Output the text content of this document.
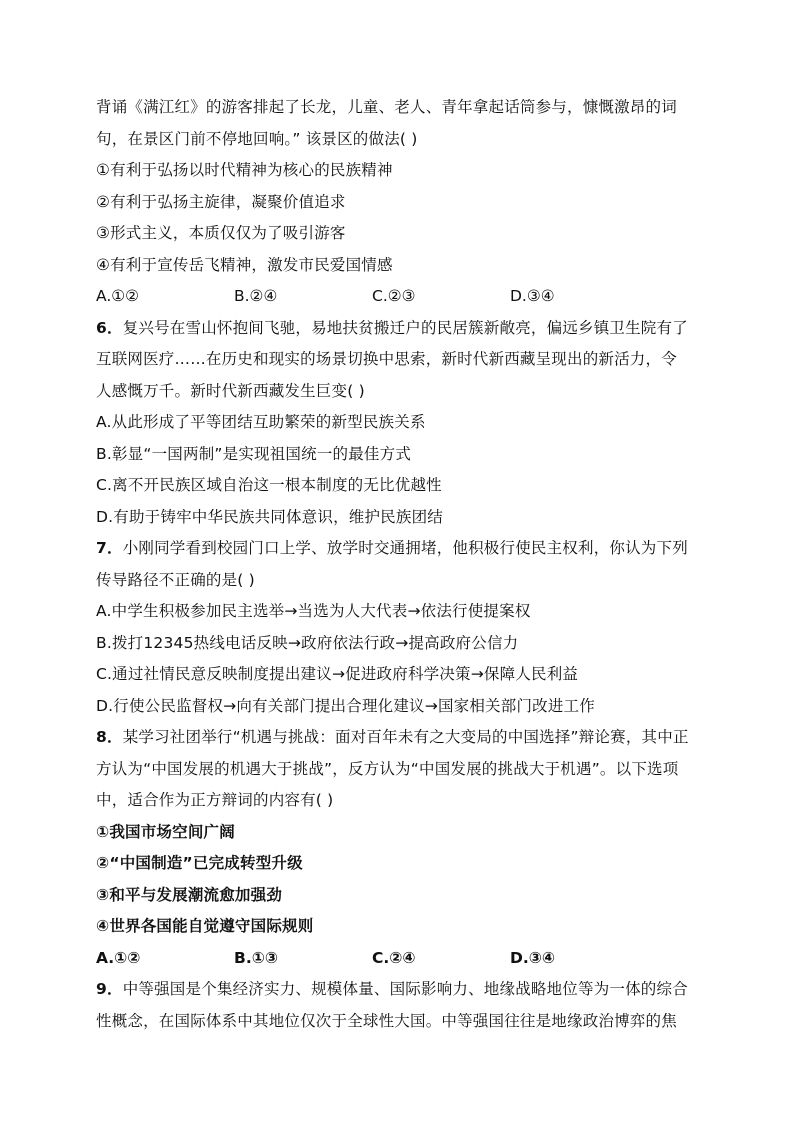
背诵《满江红》的游客排起了长龙，儿童、老人、青年拿起话筒参与，慷慨激昂的词
句，在景区门前不停地回响。” 该景区的做法( )
①有利于弘扬以时代精神为核心的民族精神
②有利于弘扬主旋律，凝聚价值追求
③形式主义，本质仅仅为了吸引游客
④有利于宣传岳飞精神，激发市民爱国情感
A.①②	B.②④	C.②③	D.③④
6．复兴号在雪山怀抱间飞驰，易地扶贫搬迁户的民居簇新敞亮，偏远乡镇卫生院有了
互联网医疗……在历史和现实的场景切换中思索，新时代新西藏呈现出的新活力，令
人感慨万千。新时代新西藏发生巨变( )
A.从此形成了平等团结互助繁荣的新型民族关系
B.彰显“一国两制”是实现祖国统一的最佳方式
C.离不开民族区域自治这一根本制度的无比优越性
D.有助于铸牢中华民族共同体意识，维护民族团结
7．小刚同学看到校园门口上学、放学时交通拥堵，他积极行使民主权利，你认为下列
传导路径不正确的是( )
A.中学生积极参加民主选举→当选为人大代表→依法行使提案权
B.拨打12345热线电话反映→政府依法行政→提高政府公信力
C.通过社情民意反映制度提出建议→促进政府科学决策→保障人民利益
D.行使公民监督权→向有关部门提出合理化建议→国家相关部门改进工作
8．某学习社团举行“机遇与挑战：面对百年未有之大变局的中国选择”辩论赛，其中正
方认为“中国发展的机遇大于挑战”，反方认为“中国发展的挑战大于机遇”。以下选项
中，适合作为正方辩词的内容有( )
①我国市场空间广阔
②“中国制造”已完成转型升级
③和平与发展潮流愈加强劲
④世界各国能自觉遵守国际规则
A.①②	B.①③	C.②④	D.③④
9．中等强国是个集经济实力、规模体量、国际影响力、地缘战略地位等为一体的综合
性概念，在国际体系中其地位仅次于全球性大国。中等强国往往是地缘政治博弈的焦
